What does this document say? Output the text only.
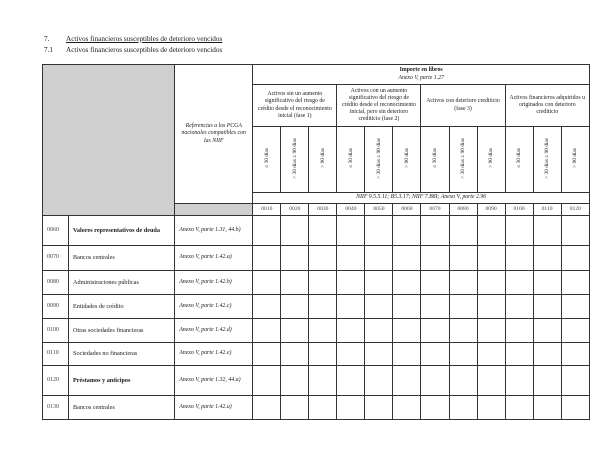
7. Activos financieros susceptibles de deterioro vencidos
7.1 Activos financieros susceptibles de deterioro vencidos
		Referencias a los PCGA nacionales compatibles con las NIIF	Importe en libros
Anexo V, parte 1.27											

			Activos sin un aumento significativo del riesgo de crédito desde el reconocimiento inicial (fase 1)			Activos con un aumento significativo del riesgo de crédito desde el reconocimiento inicial, pero sin deterioro crediticio (fase 2)			Activos con deterioro crediticio (fase 3)			Activos financieros adquiridos u originados con deterioro crediticio		
			≤ 30 días	> 30 días ≤ 90 días	> 90 días	≤ 30 días	> 30 días ≤ 90 días	> 90 días	≤ 30 días	> 30 días ≤ 90 días	> 90 días	≤ 30 días	> 30 días ≤ 90 días	> 90 días
			NIIF 9.5.5.11; B5.3.17; NIIF 7.B8I; Anexo V, parte 2.96											
			0010	0020	0030	0040	0050	0060	0070	0080	0090	0100	0110	0120
0060	Valores representativos de deuda	Anexo V, parte 1.31, 44.b)												
0070	Bancos centrales	Anexo V, parte 1.42.a)												
0080	Administraciones públicas	Anexo V, parte 1.42.b)												
0090	Entidades de crédito	Anexo V, parte 1.42.c)												
0100	Otras sociedades financieras	Anexo V, parte 1.42.d)												
0110	Sociedades no financieras	Anexo V, parte 1.42.e)												
0120	Préstamos y anticipos	Anexo V, parte 1.32, 44.a)												
0130	Bancos centrales	Anexo V, parte 1.42.a)												
